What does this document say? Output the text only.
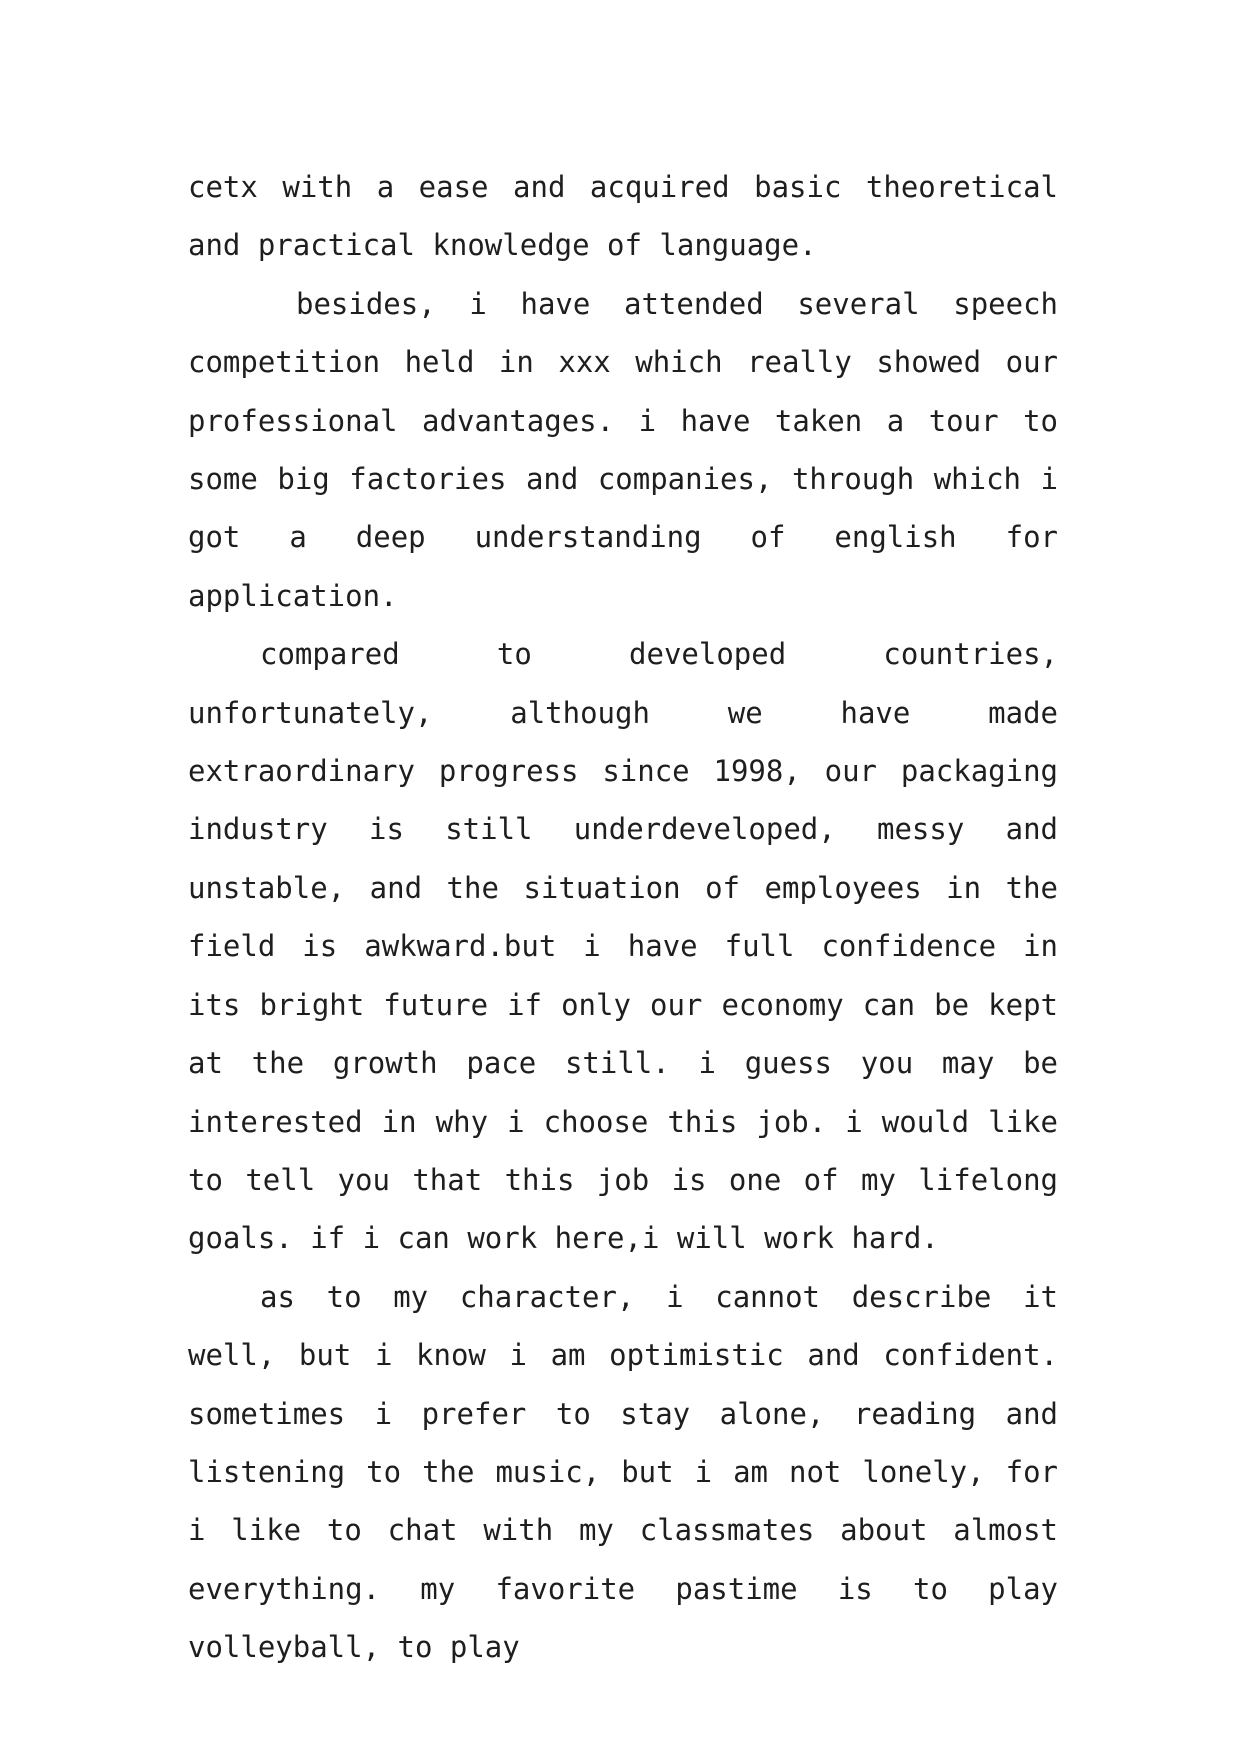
cetx with a ease and acquired basic theoretical and practical knowledge of language.

besides, i have attended several speech competition held in xxx which really showed our professional advantages. i have taken a tour to some big factories and companies, through which i got a deep understanding of english for application.

compared to developed countries, unfortunately, although we have made extraordinary progress since 1998, our packaging industry is still underdeveloped, messy and unstable, and the situation of employees in the field is awkward.but i have full confidence in its bright future if only our economy can be kept at the growth pace still. i guess you may be interested in why i choose this job. i would like to tell you that this job is one of my lifelong goals. if i can work here,i will work hard.

as to my character, i cannot describe it well, but i know i am optimistic and confident. sometimes i prefer to stay alone, reading and listening to the music, but i am not lonely, for i like to chat with my classmates about almost everything. my favorite pastime is to play volleyball, to play
